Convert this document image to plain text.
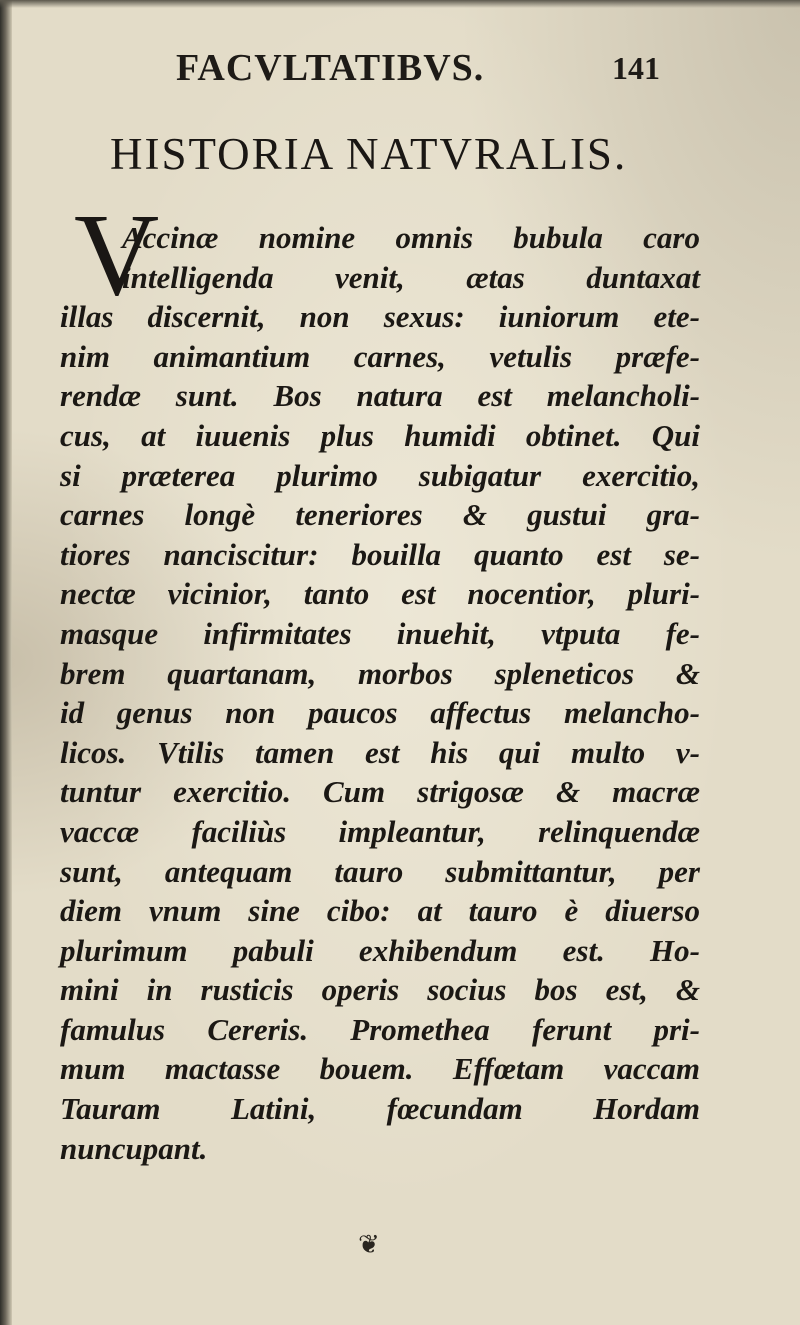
FACVLTATIBVS.	141
HISTORIA NATVRALIS.
V
Accinæ nomine omnis bubula caro
intelligenda venit, ætas duntaxat
illas discernit, non sexus: iuniorum ete-
nim animantium carnes, vetulis præfe-
rendæ sunt. Bos natura est melancholi-
cus, at iuuenis plus humidi obtinet. Qui
si præterea plurimo subigatur exercitio,
carnes longè teneriores & gustui gra-
tiores nanciscitur: bouilla quanto est se-
nectæ vicinior, tanto est nocentior, pluri-
masque infirmitates inuehit, vtputa fe-
brem quartanam, morbos spleneticos &
id genus non paucos affectus melancho-
licos. Vtilis tamen est his qui multo v-
tuntur exercitio. Cum strigosæ & macræ
vaccæ faciliùs impleantur, relinquendæ
sunt, antequam tauro submittantur, per
diem vnum sine cibo: at tauro è diuerso
plurimum pabuli exhibendum est. Ho-
mini in rusticis operis socius bos est, &
famulus Cereris. Promethea ferunt pri-
mum mactasse bouem. Effœtam vaccam
Tauram Latini, fœcundam Hordam
nuncupant.
❦
